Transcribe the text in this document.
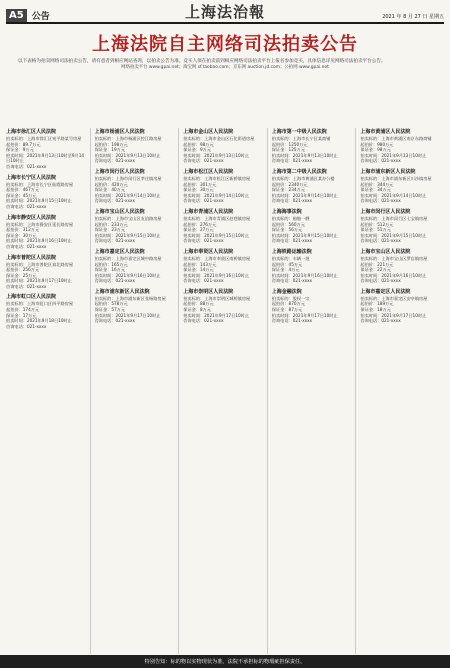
A5 公告	上海法治報	2021 年 8 月 27 日 星期五
上海法院自主网络司法拍卖公告
以下表格为拍卖网络司法拍卖公告，请有意者到相应网站查询，以拍卖公告为准。竞买人须在拍卖前到相应网络司法拍卖平台上报名参加竞买，具体信息详见网络司法拍卖平台公告。
网络拍卖平台 www.gpai.net；淘宝网 sf.taobao.com；京东网 auction.jd.com；公拍网 www.gpai.net
上海市徐汇区人民法院
拍卖标的：上海市徐汇区宛平路某号房屋
起拍价：89.7万元
保证金：9万元
拍卖时间：2021年9月13日10时至9月14日10时止
咨询电话：021-xxxx
上海市长宁区人民法院
拍卖标的：上海市长宁区仙霞路房屋
起拍价：467万元
保证金：45万元
拍卖时间：2021年9月15日10时止
咨询电话：021-xxxx
上海市静安区人民法院
拍卖标的：上海市静安区延长路房屋
起拍价：312万元
保证金：30万元
拍卖时间：2021年9月16日10时止
咨询电话：021-xxxx
上海市普陀区人民法院
拍卖标的：上海市普陀区真北路房屋
起拍价：256万元
保证金：25万元
拍卖时间：2021年9月17日10时止
咨询电话：021-xxxx
上海市虹口区人民法院
拍卖标的：上海市虹口区四平路房屋
起拍价：174万元
保证金：17万元
拍卖时间：2021年9月18日10时止
咨询电话：021-xxxx
上海市杨浦区人民法院
拍卖标的：上海市杨浦区控江路房屋
起拍价：198万元
保证金：19万元
拍卖时间：2021年9月13日10时止
咨询电话：021-xxxx
上海市闵行区人民法院
拍卖标的：上海市闵行区莘庄镇房屋
起拍价：420万元
保证金：40万元
拍卖时间：2021年9月14日10时止
咨询电话：021-xxxx
上海市宝山区人民法院
拍卖标的：上海市宝山区友谊路房屋
起拍价：233万元
保证金：23万元
拍卖时间：2021年9月15日10时止
咨询电话：021-xxxx
上海市嘉定区人民法院
拍卖标的：上海市嘉定区城中路房屋
起拍价：165万元
保证金：16万元
拍卖时间：2021年9月16日10时止
咨询电话：021-xxxx
上海市浦东新区人民法院
拍卖标的：上海市浦东新区张杨路房屋
起拍价：578万元
保证金：57万元
拍卖时间：2021年9月17日10时止
咨询电话：021-xxxx
上海市金山区人民法院
拍卖标的：上海市金山区石化街道房屋
起拍价：98万元
保证金：9万元
拍卖时间：2021年9月13日10时止
咨询电话：021-xxxx
上海市松江区人民法院
拍卖标的：上海市松江区新桥镇房屋
起拍价：301万元
保证金：30万元
拍卖时间：2021年9月14日10时止
咨询电话：021-xxxx
上海市青浦区人民法院
拍卖标的：上海市青浦区赵巷镇房屋
起拍价：276万元
保证金：27万元
拍卖时间：2021年9月15日10时止
咨询电话：021-xxxx
上海市奉贤区人民法院
拍卖标的：上海市奉贤区南桥镇房屋
起拍价：143万元
保证金：14万元
拍卖时间：2021年9月16日10时止
咨询电话：021-xxxx
上海市崇明区人民法院
拍卖标的：上海市崇明区城桥镇房屋
起拍价：88万元
保证金：8万元
拍卖时间：2021年9月17日10时止
咨询电话：021-xxxx
上海市第一中级人民法院
拍卖标的：上海市长宁区某商铺
起拍价：1250万元
保证金：125万元
拍卖时间：2021年9月13日10时止
咨询电话：021-xxxx
上海市第二中级人民法院
拍卖标的：上海市黄浦区某办公楼
起拍价：2340万元
保证金：234万元
拍卖时间：2021年9月14日10时止
咨询电话：021-xxxx
上海海事法院
拍卖标的：船舶一艘
起拍价：560万元
保证金：56万元
拍卖时间：2021年9月15日10时止
咨询电话：021-xxxx
上海铁路运输法院
拍卖标的：车辆一批
起拍价：45万元
保证金：4万元
拍卖时间：2021年9月16日10时止
咨询电话：021-xxxx
上海金融法院
拍卖标的：股权一宗
起拍价：870万元
保证金：87万元
拍卖时间：2021年9月17日10时止
咨询电话：021-xxxx
上海市黄浦区人民法院
拍卖标的：上海市黄浦区南京东路商铺
起拍价：980万元
保证金：98万元
拍卖时间：2021年9月13日10时止
咨询电话：021-xxxx
上海市浦东新区人民法院
拍卖标的：上海市浦东新区川沙镇房屋
起拍价：344万元
保证金：34万元
拍卖时间：2021年9月14日10时止
咨询电话：021-xxxx
上海市闵行区人民法院
拍卖标的：上海市闵行区七宝镇房屋
起拍价：512万元
保证金：51万元
拍卖时间：2021年9月15日10时止
咨询电话：021-xxxx
上海市宝山区人民法院
拍卖标的：上海市宝山区罗店镇房屋
起拍价：221万元
保证金：22万元
拍卖时间：2021年9月16日10时止
咨询电话：021-xxxx
上海市嘉定区人民法院
拍卖标的：上海市嘉定区安亭镇房屋
起拍价：189万元
保证金：18万元
拍卖时间：2021年9月17日10时止
咨询电话：021-xxxx
特别告知：标的物以实物现状为准，法院不承担标的物瑕疵担保责任。
